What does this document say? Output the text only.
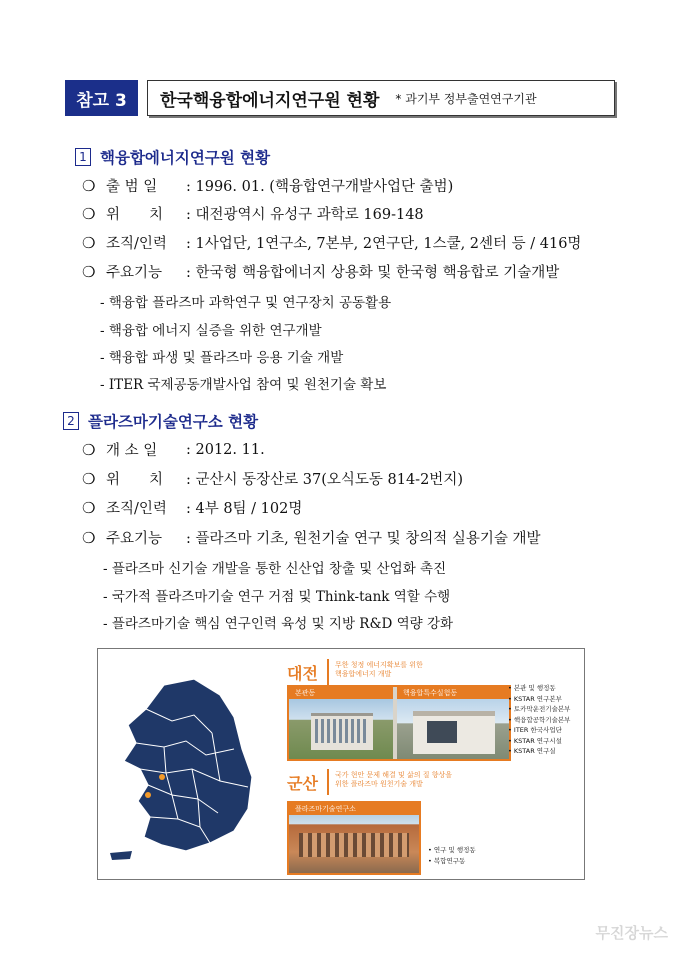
참고 3	한국핵융합에너지연구원 현황 * 과기부 정부출연연구기관
1 핵융합에너지연구원 현황
❍ 출 범 일	: 1996. 01. (핵융합연구개발사업단 출범)
❍ 위　　치	: 대전광역시 유성구 과학로 169-148
❍ 조직/인력	: 1사업단, 1연구소, 7본부, 2연구단, 1스쿨, 2센터 등 / 416명
❍ 주요기능	: 한국형 핵융합에너지 상용화 및 한국형 핵융합로 기술개발
- 핵융합 플라즈마 과학연구 및 연구장치 공동활용
- 핵융합 에너지 실증을 위한 연구개발
- 핵융합 파생 및 플라즈마 응용 기술 개발
- ITER 국제공동개발사업 참여 및 원천기술 확보
2 플라즈마기술연구소 현황
❍ 개 소 일	: 2012. 11.
❍ 위　　치	: 군산시 동장산로 37(오식도동 814-2번지)
❍ 조직/인력	: 4부 8팀 / 102명
❍ 주요기능	: 플라즈마 기초, 원천기술 연구 및 창의적 실용기술 개발
- 플라즈마 신기술 개발을 통한 신산업 창출 및 산업화 촉진
- 국가적 플라즈마기술 연구 거점 및 Think-tank 역할 수행
- 플라즈마기술 핵심 연구인력 육성 및 지방 R&D 역량 강화
대전 무한 청정 에너지확보를 위한
핵융합에너지 개발
본관동	핵융합특수실험동
• 본관 및 행정동
• KSTAR 연구본부
• 토카막운전기술본부
• 핵융합공학기술본부
• ITER 한국사업단
• KSTAR 연구시설
• KSTAR 연구실
군산 국가 현안 문제 해결 및 삶의 질 향상을
위한 플라즈마 원천기술 개발
플라즈마기술연구소
• 연구 및 행정동
• 복합연구동
무진장뉴스
